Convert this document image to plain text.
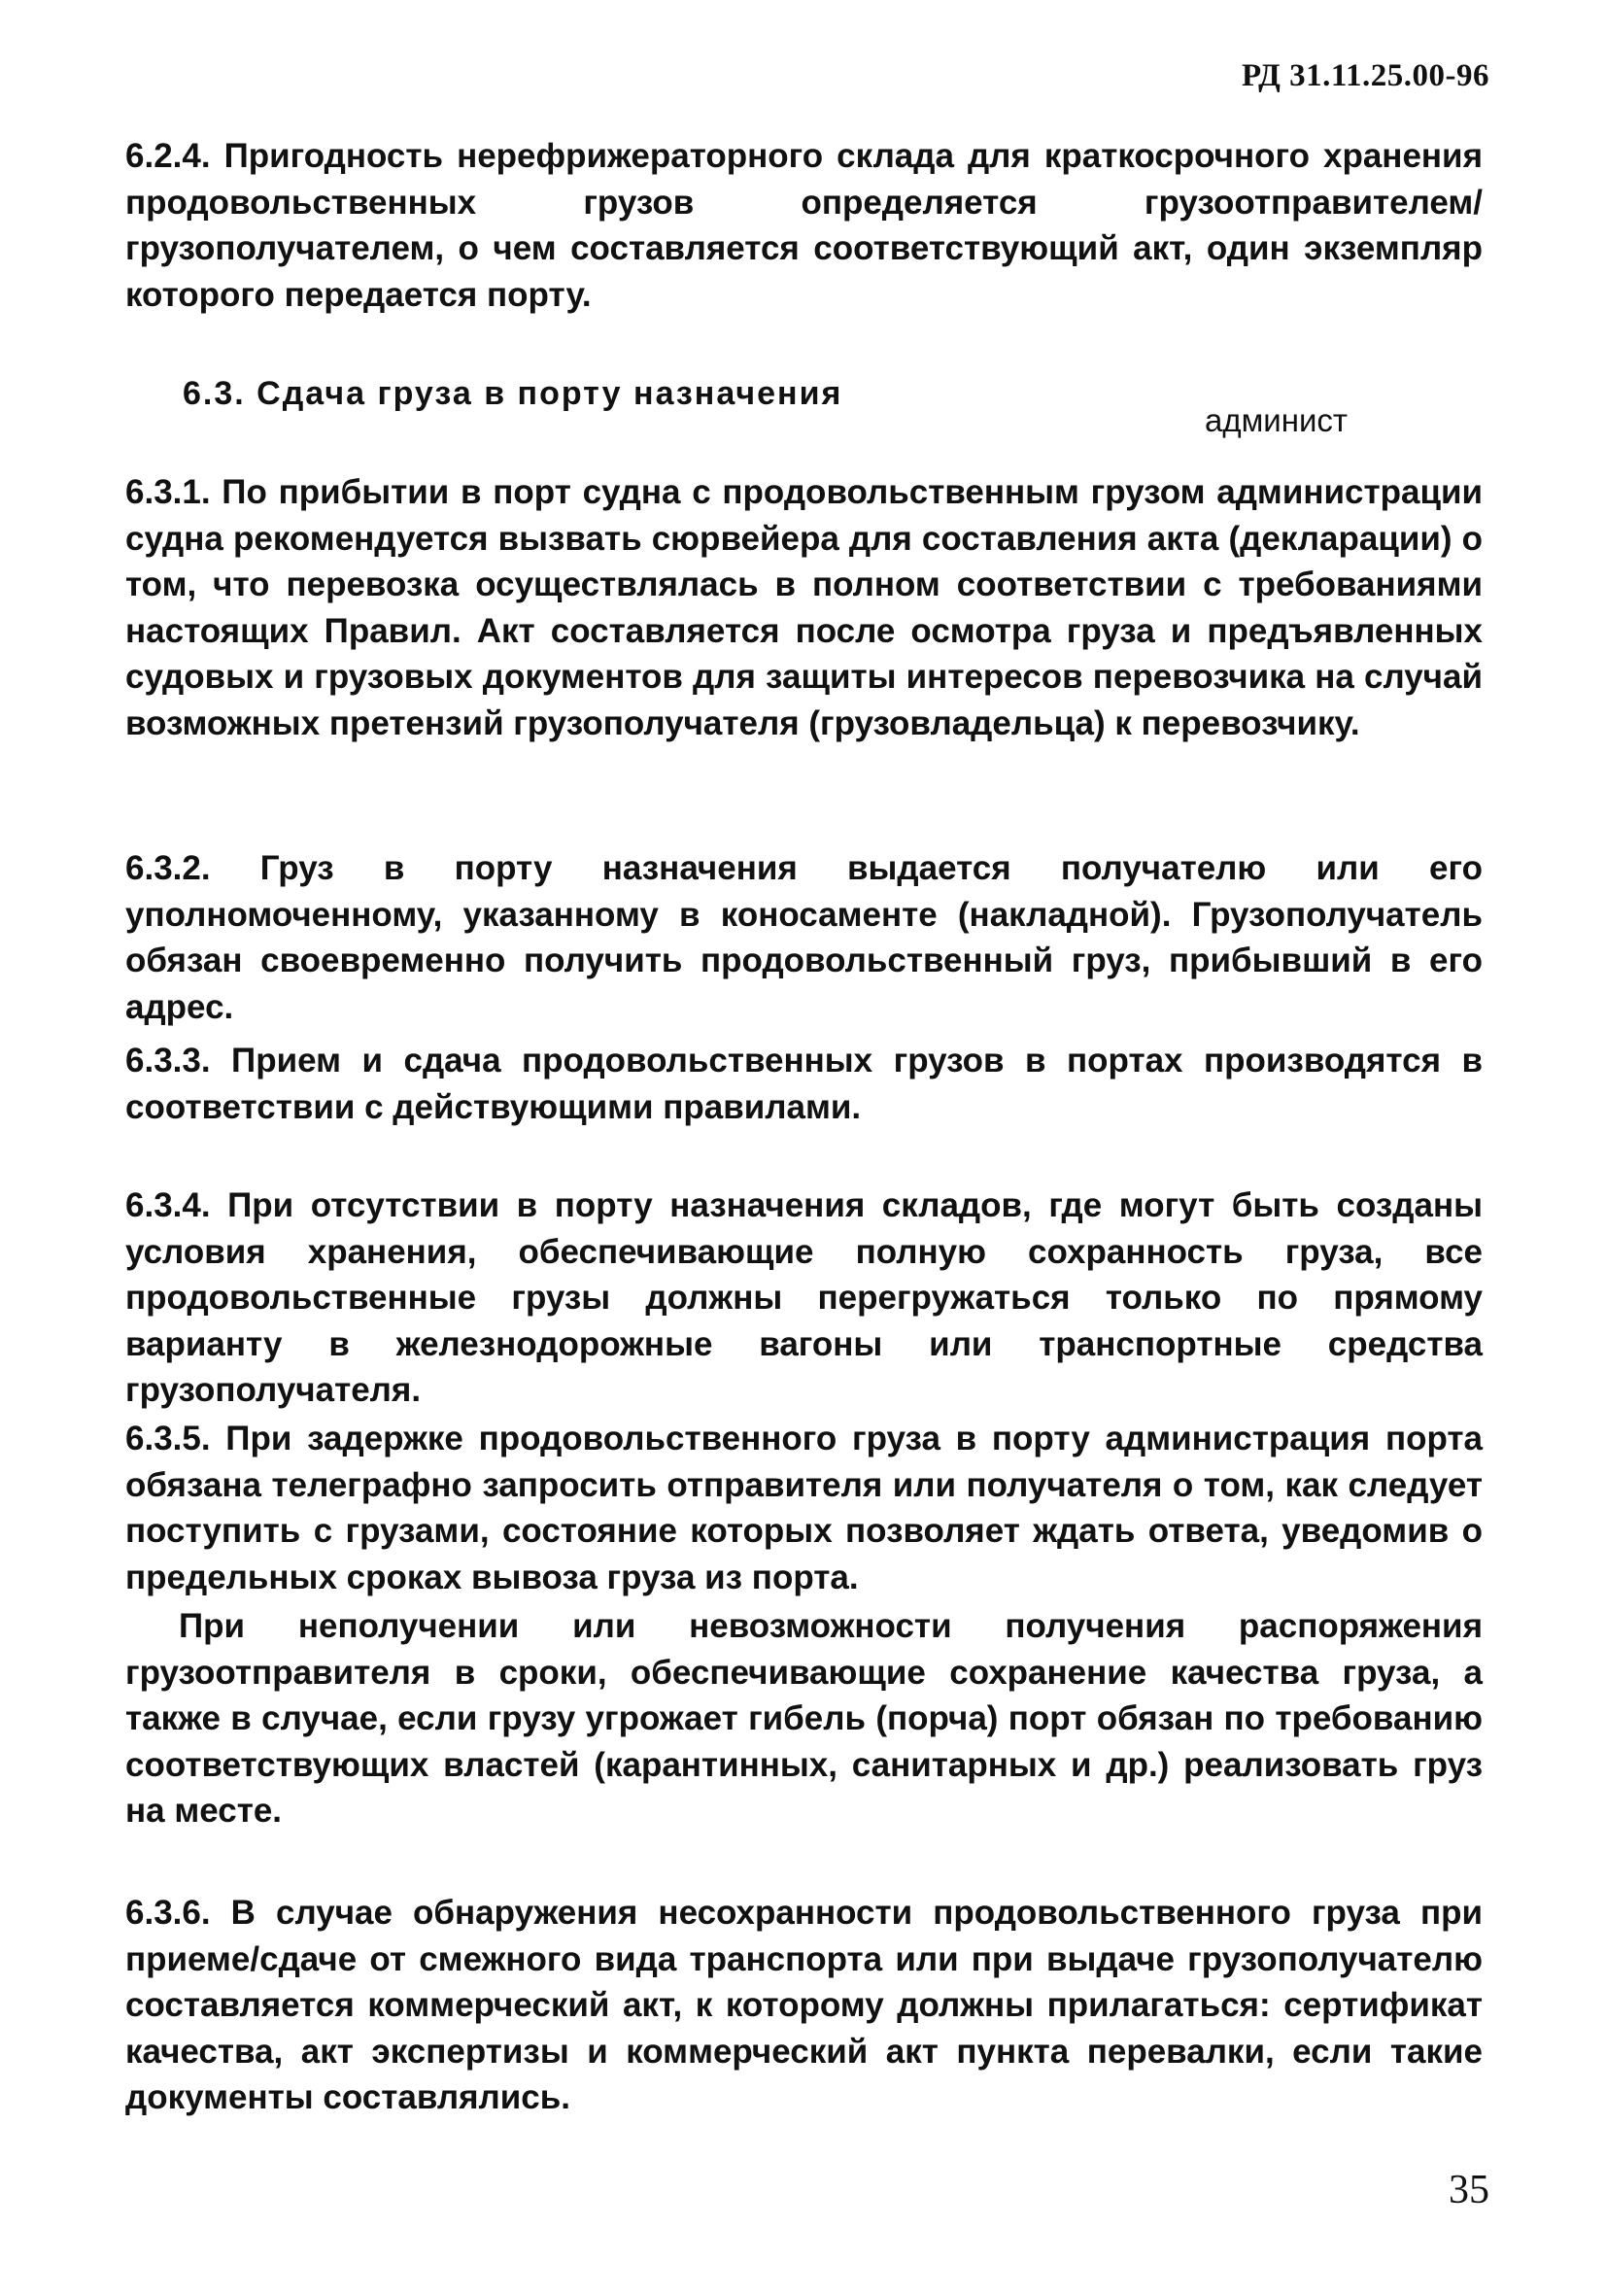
РД 31.11.25.00-96

6.2.4. Пригодность нерефрижераторного склада для краткосрочного хранения продовольственных грузов определяется грузоотправителем/грузополучателем, о чем составляется соответствующий акт, один экземпляр которого передается порту.

6.3. Сдача груза в порту назначения
админист

6.3.1. По прибытии в порт судна с продовольственным грузом администрации судна рекомендуется вызвать сюрвейера для составления акта (декларации) о том, что перевозка осуществлялась в полном соответствии с требованиями настоящих Правил. Акт составляется после осмотра груза и предъявленных судовых и грузовых документов для защиты интересов перевозчика на случай возможных претензий грузополучателя (грузовладельца) к перевозчику.

6.3.2. Груз в порту назначения выдается получателю или его уполномоченному, указанному в коносаменте (накладной). Грузополучатель обязан своевременно получить продовольственный груз, прибывший в его адрес.

6.3.3. Прием и сдача продовольственных грузов в портах производятся в соответствии с действующими правилами.

6.3.4. При отсутствии в порту назначения складов, где могут быть созданы условия хранения, обеспечивающие полную сохранность груза, все продовольственные грузы должны перегружаться только по прямому варианту в железнодорожные вагоны или транспортные средства грузополучателя.

6.3.5. При задержке продовольственного груза в порту администрация порта обязана телеграфно запросить отправителя или получателя о том, как следует поступить с грузами, состояние которых позволяет ждать ответа, уведомив о предельных сроках вывоза груза из порта.

При неполучении или невозможности получения распоряжения грузоотправителя в сроки, обеспечивающие сохранение качества груза, а также в случае, если грузу угрожает гибель (порча) порт обязан по требованию соответствующих властей (карантинных, санитарных и др.) реализовать груз на месте.

6.3.6. В случае обнаружения несохранности продовольственного груза при приеме/сдаче от смежного вида транспорта или при выдаче грузополучателю составляется коммерческий акт, к которому должны прилагаться: сертификат качества, акт экспертизы и коммерческий акт пункта перевалки, если такие документы составлялись.

35
